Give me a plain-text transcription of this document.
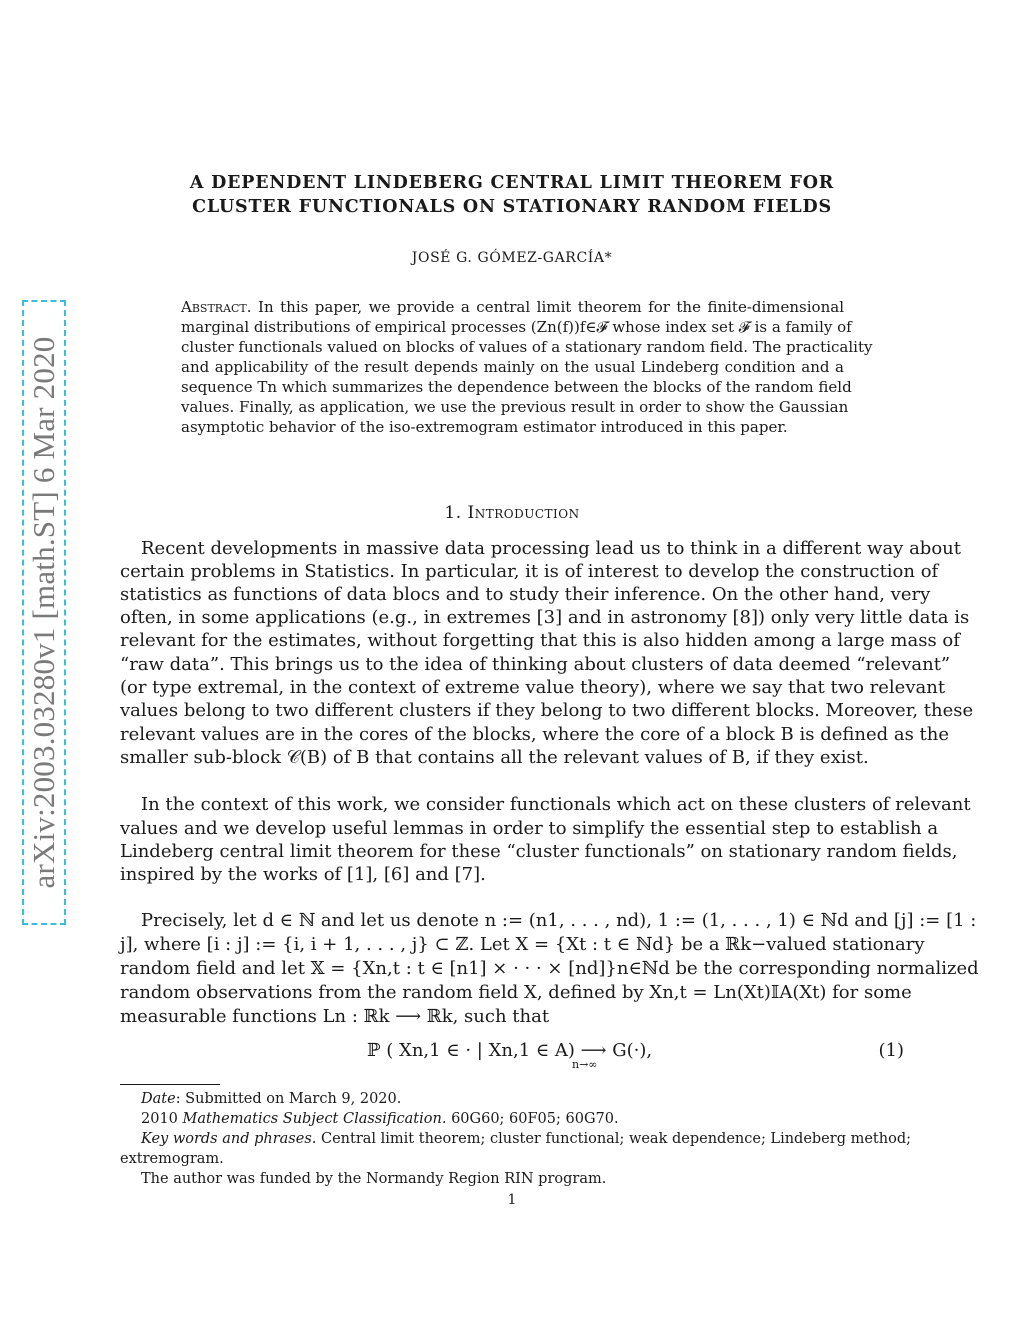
arXiv:2003.03280v1 [math.ST] 6 Mar 2020
A DEPENDENT LINDEBERG CENTRAL LIMIT THEOREM FOR
CLUSTER FUNCTIONALS ON STATIONARY RANDOM FIELDS
JOSÉ G. GÓMEZ-GARCÍA*
Abstract. In this paper, we provide a central limit theorem for the finite-dimensional
marginal distributions of empirical processes (Zn(f))f∈𝓕 whose index set 𝓕 is a family of
cluster functionals valued on blocks of values of a stationary random field. The practicality
and applicability of the result depends mainly on the usual Lindeberg condition and a
sequence Tn which summarizes the dependence between the blocks of the random field
values. Finally, as application, we use the previous result in order to show the Gaussian
asymptotic behavior of the iso-extremogram estimator introduced in this paper.
1. Introduction
Recent developments in massive data processing lead us to think in a different way about
certain problems in Statistics. In particular, it is of interest to develop the construction of
statistics as functions of data blocs and to study their inference. On the other hand, very
often, in some applications (e.g., in extremes [3] and in astronomy [8]) only very little data is
relevant for the estimates, without forgetting that this is also hidden among a large mass of
“raw data”. This brings us to the idea of thinking about clusters of data deemed “relevant”
(or type extremal, in the context of extreme value theory), where we say that two relevant
values belong to two different clusters if they belong to two different blocks. Moreover, these
relevant values are in the cores of the blocks, where the core of a block B is defined as the
smaller sub-block 𝒞(B) of B that contains all the relevant values of B, if they exist.
In the context of this work, we consider functionals which act on these clusters of relevant
values and we develop useful lemmas in order to simplify the essential step to establish a
Lindeberg central limit theorem for these “cluster functionals” on stationary random fields,
inspired by the works of [1], [6] and [7].
Precisely, let d ∈ ℕ and let us denote n := (n1, . . . , nd), 1 := (1, . . . , 1) ∈ ℕd and [j] := [1 :
j], where [i : j] := {i, i + 1, . . . , j} ⊂ ℤ. Let X = {Xt : t ∈ ℕd} be a ℝk−valued stationary
random field and let 𝕏 = {Xn,t : t ∈ [n1] × · · · × [nd]}n∈ℕd be the corresponding normalized
random observations from the random field X, defined by Xn,t = Ln(Xt)𝕀A(Xt) for some
measurable functions Ln : ℝk ⟶ ℝk, such that
ℙ ( Xn,1 ∈ · | Xn,1 ∈ A) ⟶ G(·),
n→∞
(1)
Date: Submitted on March 9, 2020.
2010 Mathematics Subject Classification. 60G60; 60F05; 60G70.
Key words and phrases. Central limit theorem; cluster functional; weak dependence; Lindeberg method;
extremogram.
The author was funded by the Normandy Region RIN program.
1
